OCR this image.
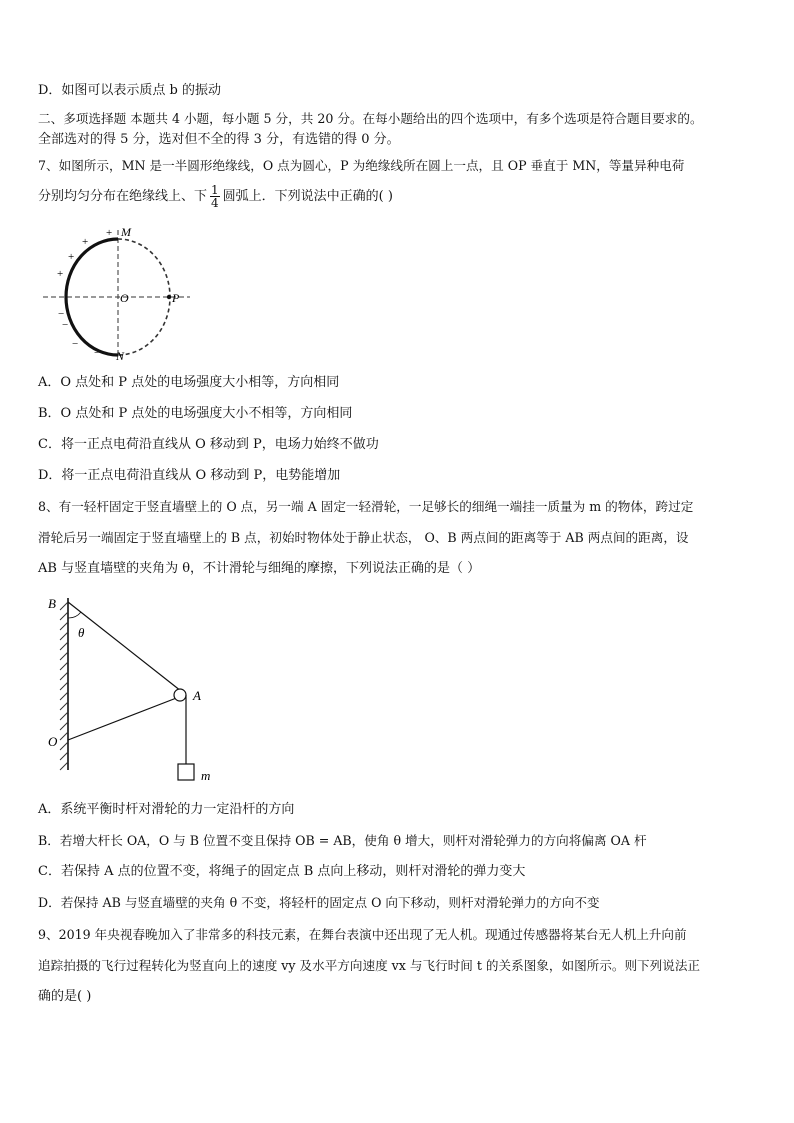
D．如图可以表示质点 b 的振动
二、多项选择题 本题共 4 小题，每小题 5 分，共 20 分。在每小题给出的四个选项中，有多个选项是符合题目要求的。
全部选对的得 5 分，选对但不全的得 3 分，有选错的得 0 分。
7、如图所示，MN 是一半圆形绝缘线，O 点为圆心，P 为绝缘线所在圆上一点，且 OP 垂直于 MN，等量异种电荷
分别均匀分布在绝缘线上、下 $\frac{1}{4}$ 圆弧上．下列说法中正确的( )
M
N
O	P
+
+
+
+
−
−
−
−
A．O 点处和 P 点处的电场强度大小相等，方向相同
B．O 点处和 P 点处的电场强度大小不相等，方向相同
C．将一正点电荷沿直线从 O 移动到 P，电场力始终不做功
D．将一正点电荷沿直线从 O 移动到 P，电势能增加
8、有一轻杆固定于竖直墙壁上的 O 点，另一端 A 固定一轻滑轮，一足够长的细绳一端挂一质量为 m 的物体，跨过定
滑轮后另一端固定于竖直墙壁上的 B 点，初始时物体处于静止状态， O、B 两点间的距离等于 AB 两点间的距离，设
AB 与竖直墙壁的夹角为 θ，不计滑轮与细绳的摩擦，下列说法正确的是（ ）
B
θ
A
O
m
A．系统平衡时杆对滑轮的力一定沿杆的方向
B．若增大杆长 OA，O 与 B 位置不变且保持 OB = AB，使角 θ 增大，则杆对滑轮弹力的方向将偏离 OA 杆
C．若保持 A 点的位置不变，将绳子的固定点 B 点向上移动，则杆对滑轮的弹力变大
D．若保持 AB 与竖直墙壁的夹角 θ 不变，将轻杆的固定点 O 向下移动，则杆对滑轮弹力的方向不变
9、2019 年央视春晚加入了非常多的科技元素，在舞台表演中还出现了无人机。现通过传感器将某台无人机上升向前
追踪拍摄的飞行过程转化为竖直向上的速度 vy 及水平方向速度 vx 与飞行时间 t 的关系图象，如图所示。则下列说法正
确的是( )
